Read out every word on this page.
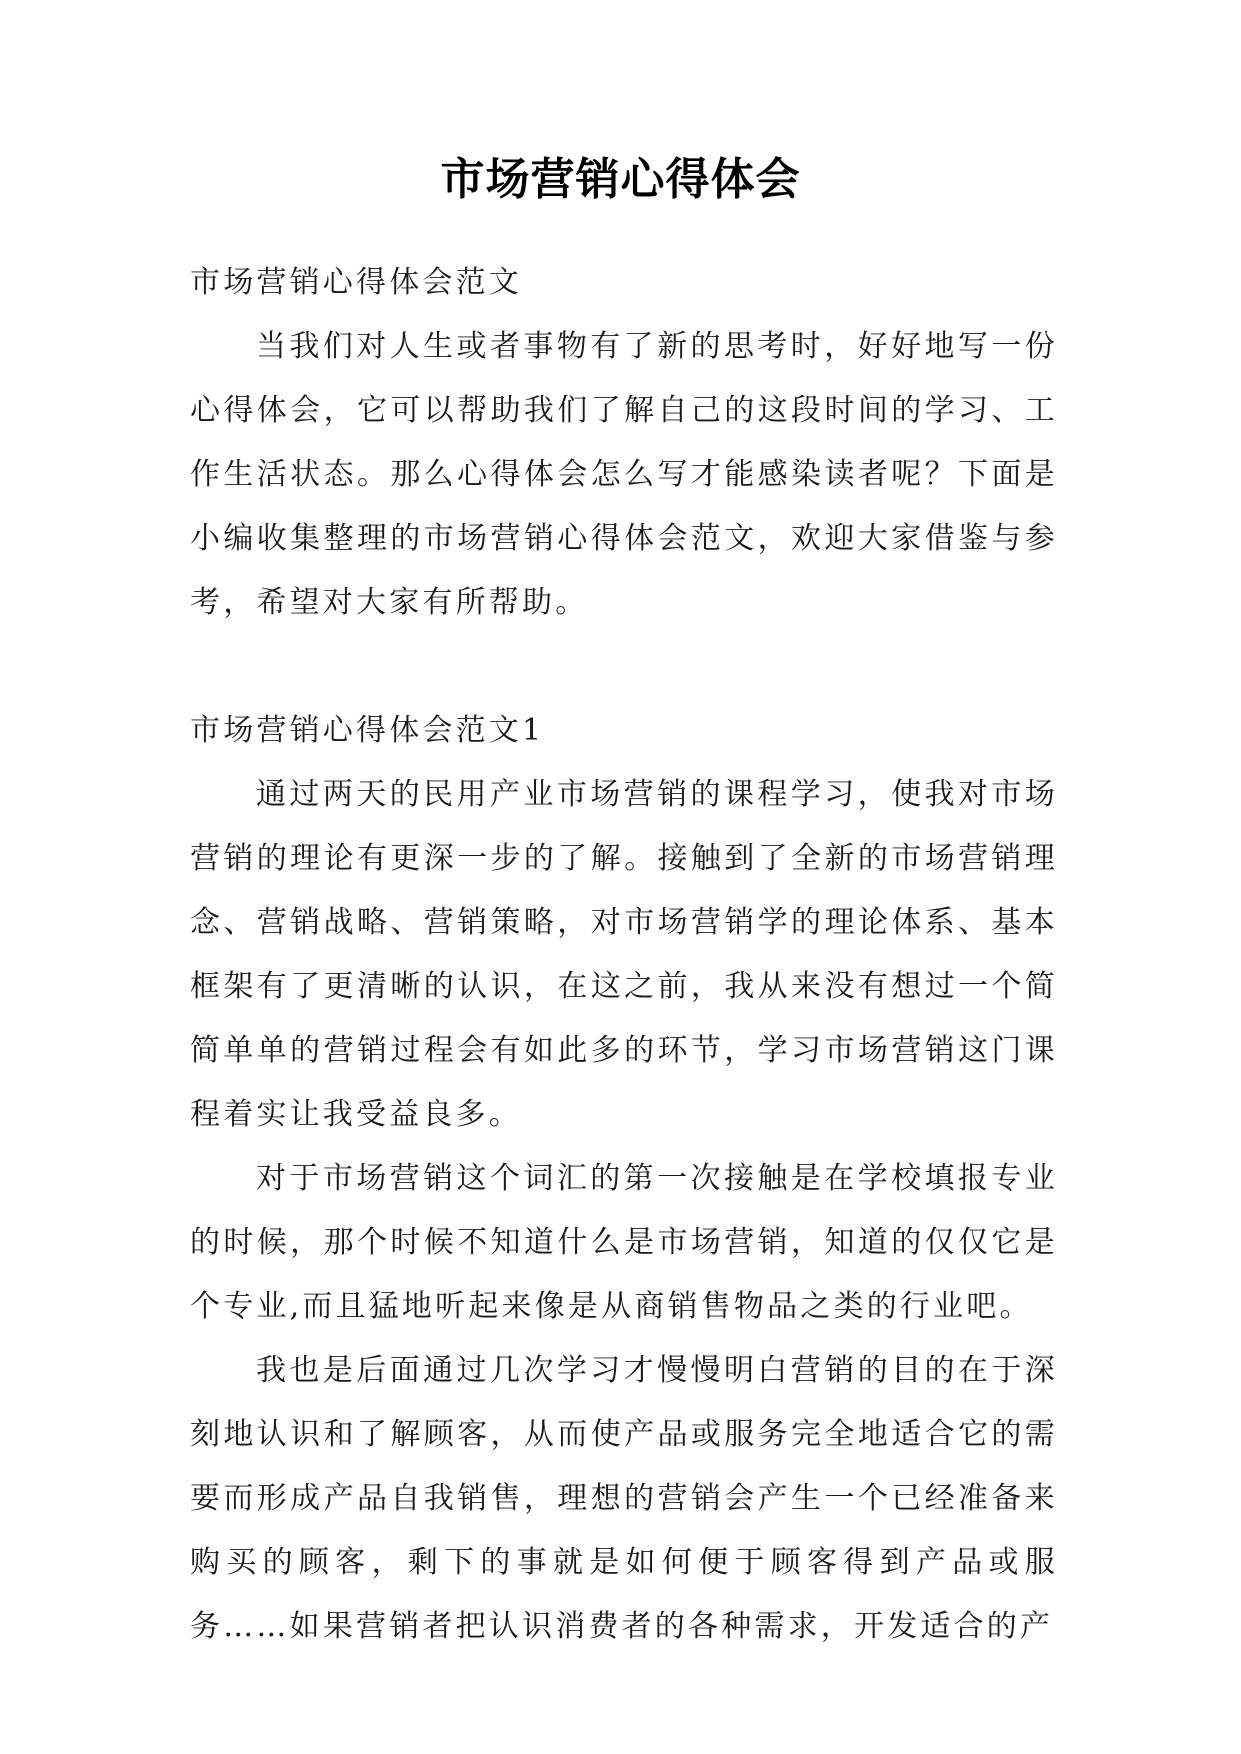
市场营销心得体会

市场营销心得体会范文

当我们对人生或者事物有了新的思考时，好好地写一份心得体会，它可以帮助我们了解自己的这段时间的学习、工作生活状态。那么心得体会怎么写才能感染读者呢？下面是小编收集整理的市场营销心得体会范文，欢迎大家借鉴与参考，希望对大家有所帮助。

市场营销心得体会范文1

通过两天的民用产业市场营销的课程学习，使我对市场营销的理论有更深一步的了解。接触到了全新的市场营销理念、营销战略、营销策略，对市场营销学的理论体系、基本框架有了更清晰的认识，在这之前，我从来没有想过一个简简单单的营销过程会有如此多的环节，学习市场营销这门课程着实让我受益良多。

对于市场营销这个词汇的第一次接触是在学校填报专业的时候，那个时候不知道什么是市场营销，知道的仅仅它是个专业,而且猛地听起来像是从商销售物品之类的行业吧。

我也是后面通过几次学习才慢慢明白营销的目的在于深刻地认识和了解顾客，从而使产品或服务完全地适合它的需要而形成产品自我销售，理想的营销会产生一个已经准备来购买的顾客，剩下的事就是如何便于顾客得到产品或服务……如果营销者把认识消费者的各种需求，开发适合的产
